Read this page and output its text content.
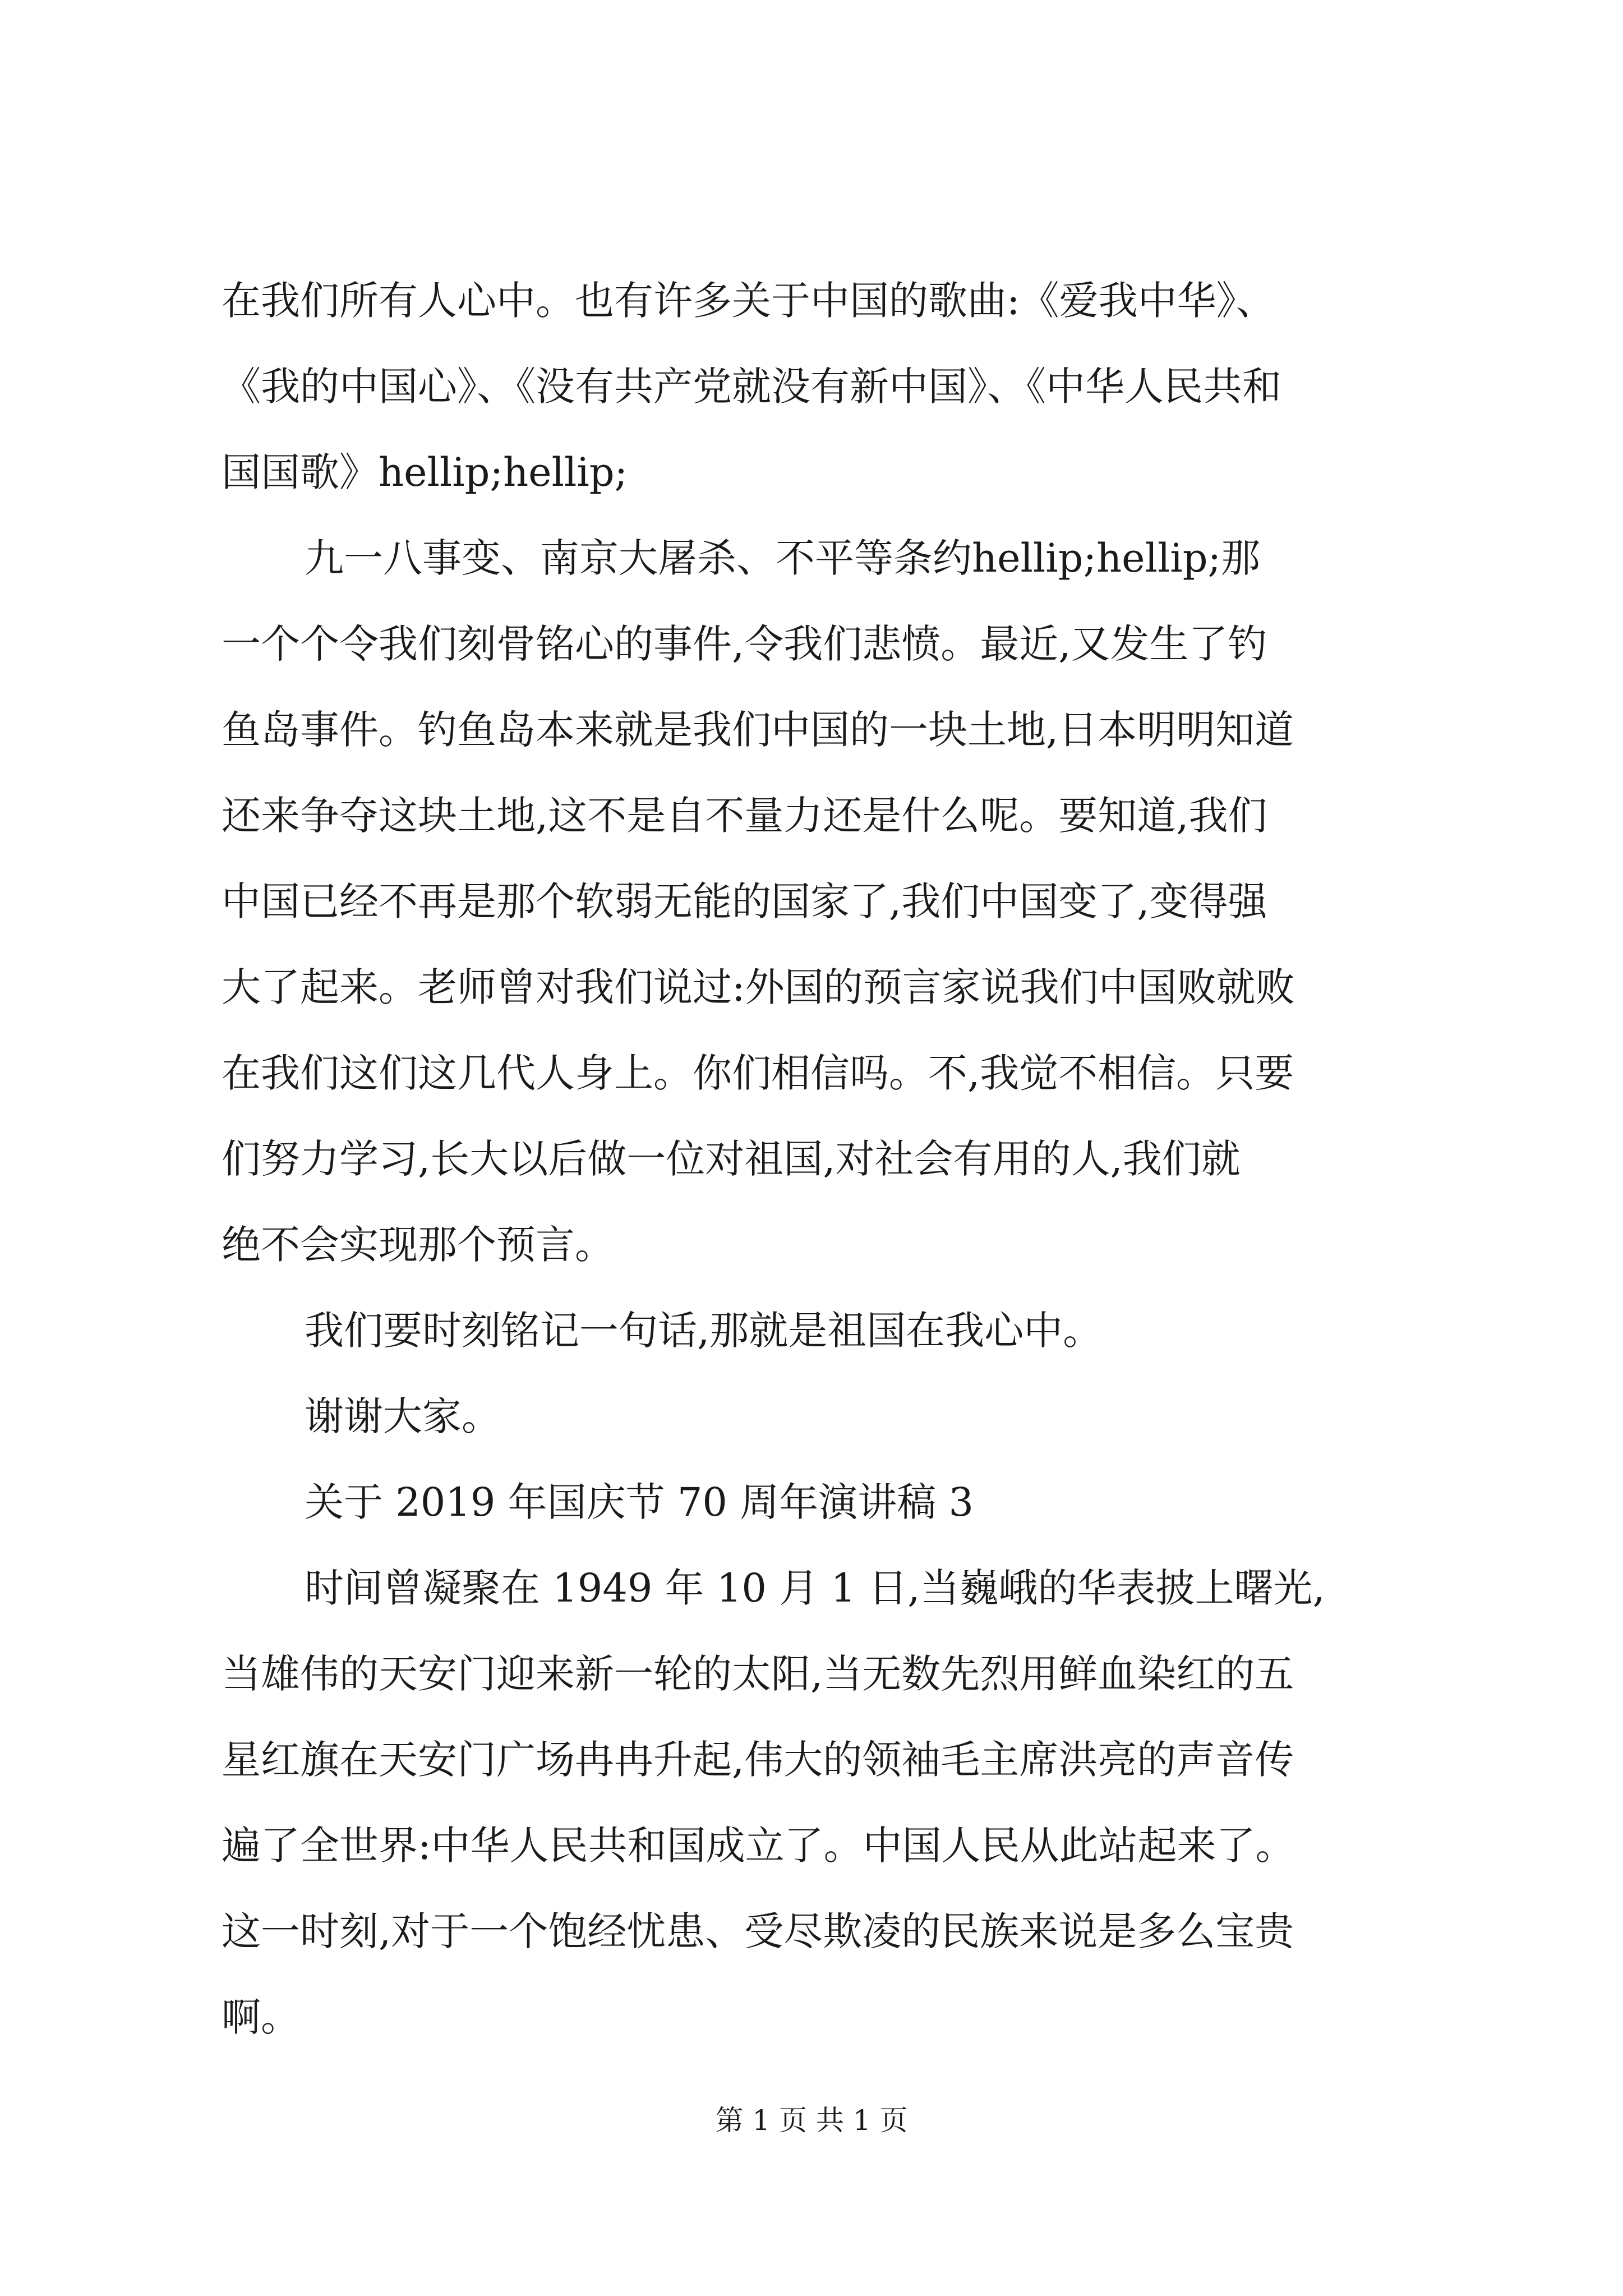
在我们所有人心中。也有许多关于中国的歌曲:《爱我中华》、
《我的中国心》、《没有共产党就没有新中国》、《中华人民共和
国国歌》hellip;hellip;
九一八事变、南京大屠杀、不平等条约hellip;hellip;那
一个个令我们刻骨铭心的事件,令我们悲愤。最近,又发生了钓
鱼岛事件。钓鱼岛本来就是我们中国的一块土地,日本明明知道
还来争夺这块土地,这不是自不量力还是什么呢。要知道,我们
中国已经不再是那个软弱无能的国家了,我们中国变了,变得强
大了起来。老师曾对我们说过:外国的预言家说我们中国败就败
在我们这们这几代人身上。你们相信吗。不,我觉不相信。只要
们努力学习,长大以后做一位对祖国,对社会有用的人,我们就
绝不会实现那个预言。
我们要时刻铭记一句话,那就是祖国在我心中。
谢谢大家。
关于 2019 年国庆节 70 周年演讲稿 3
时间曾凝聚在 1949 年 10 月 1 日,当巍峨的华表披上曙光,
当雄伟的天安门迎来新一轮的太阳,当无数先烈用鲜血染红的五
星红旗在天安门广场冉冉升起,伟大的领袖毛主席洪亮的声音传
遍了全世界:中华人民共和国成立了。中国人民从此站起来了。
这一时刻,对于一个饱经忧患、受尽欺凌的民族来说是多么宝贵
啊。
第 1 页 共 1 页
